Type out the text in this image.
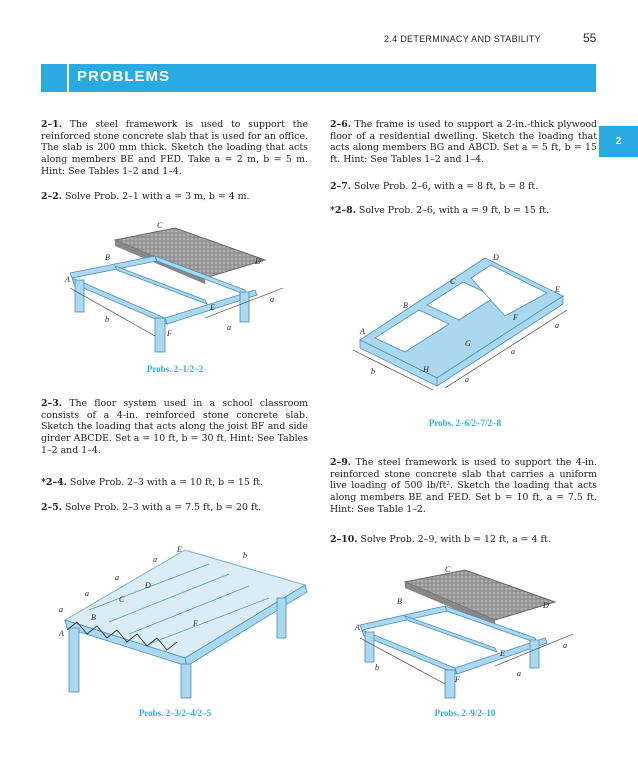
2.4 DETERMINACY AND STABILITY	55
PROBLEMS
2

2–1. The steel framework is used to support the reinforced stone concrete slab that is used for an office. The slab is 200 mm thick. Sketch the loading that acts along members BE and FED. Take a = 2 m, b = 5 m. Hint: See Tables 1–2 and 1–4.

2–2. Solve Prob. 2–1 with a = 3 m, b = 4 m.

C
B	D
A
E
F
a
a
b
Probs. 2–1/2–2

2–3. The floor system used in a school classroom consists of a 4-in. reinforced stone concrete slab. Sketch the loading that acts along the joist BF and side girder ABCDE. Set a = 10 ft, b = 30 ft. Hint: See Tables 1–2 and 1–4.

*2–4. Solve Prob. 2–3 with a = 10 ft, b = 15 ft.

2–5. Solve Prob. 2–3 with a = 7.5 ft, b = 20 ft.

E
D
C
B
A
F
a
a
a
a
b
Probs. 2–3/2–4/2–5

2–6. The frame is used to support a 2-in.-thick plywood floor of a residential dwelling. Sketch the loading that acts along members BG and ABCD. Set a = 5 ft, b = 15 ft. Hint: See Tables 1–2 and 1–4.

2–7. Solve Prob. 2–6, with a = 8 ft, b = 8 ft.

*2–8. Solve Prob. 2–6, with a = 9 ft, b = 15 ft.

D
C
E
B
F
A
G
H
a
a
a
b
Probs. 2–6/2–7/2–8

2–9. The steel framework is used to support the 4-in. reinforced stone concrete slab that carries a uniform live loading of 500 lb/ft². Sketch the loading that acts along members BE and FED. Set b = 10 ft, a = 7.5 ft. Hint: See Table 1–2.

2–10. Solve Prob. 2–9, with b = 12 ft, a = 4 ft.

C
B	D
A
E
F
a
a
b
Probs. 2–9/2–10
